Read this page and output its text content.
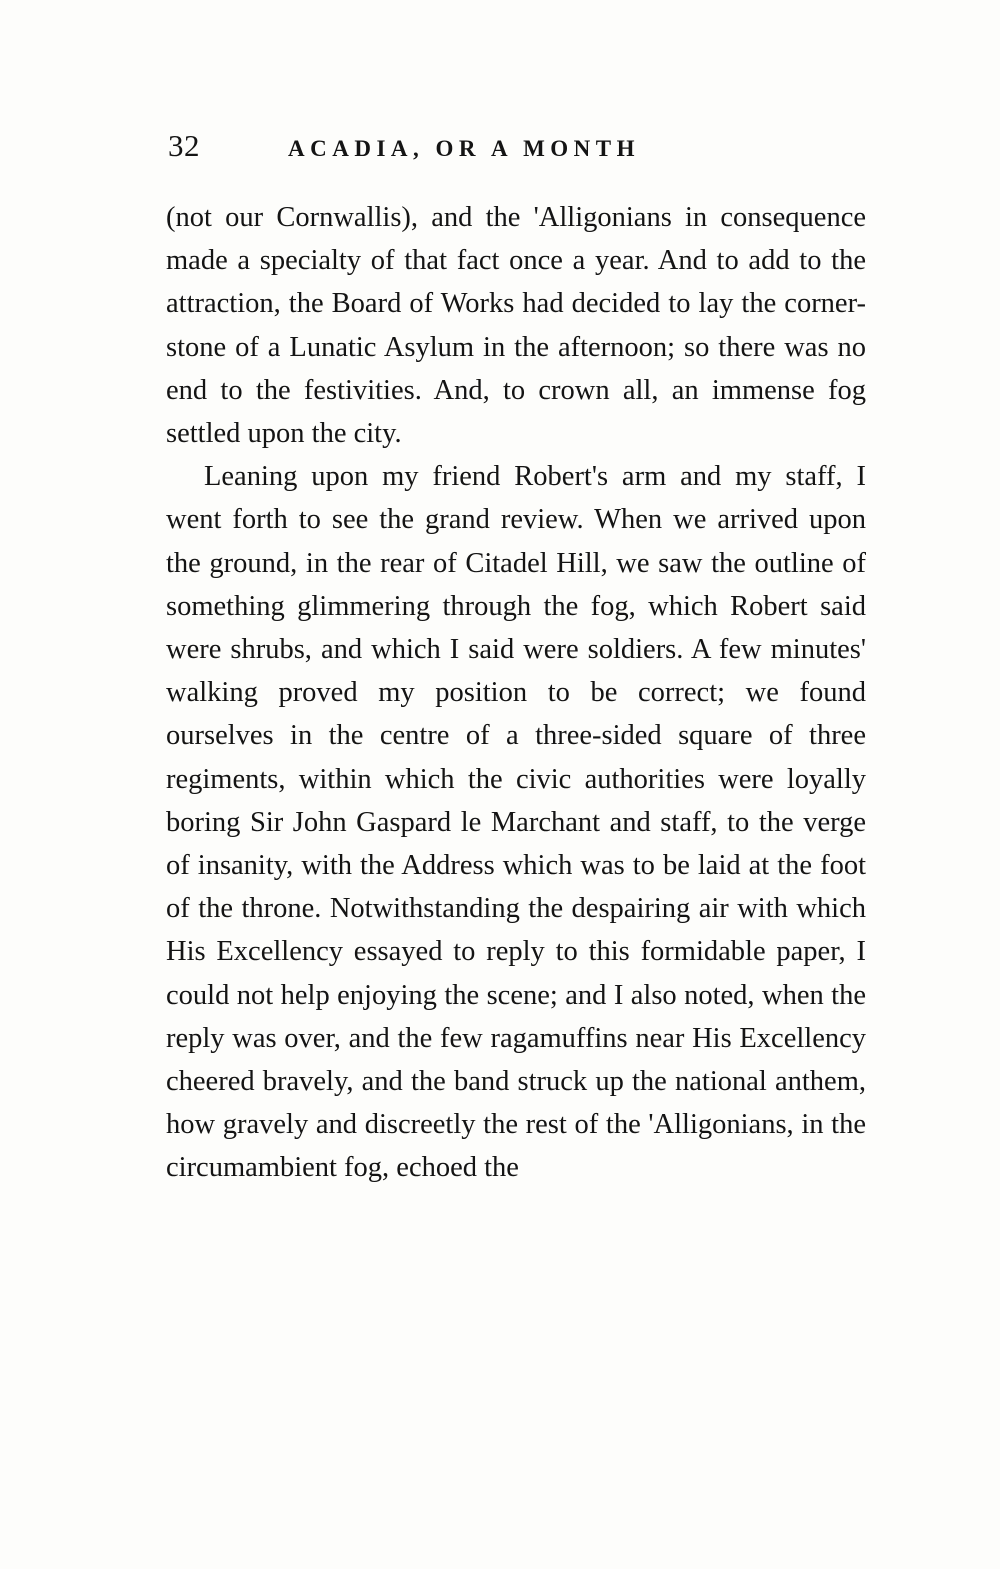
32	ACADIA, OR A MONTH

(not our Cornwallis), and the 'Alligonians in consequence made a specialty of that fact once a year. And to add to the attraction, the Board of Works had decided to lay the corner-stone of a Lunatic Asylum in the afternoon; so there was no end to the festivities. And, to crown all, an immense fog settled upon the city.

Leaning upon my friend Robert's arm and my staff, I went forth to see the grand review. When we arrived upon the ground, in the rear of Citadel Hill, we saw the outline of something glimmering through the fog, which Robert said were shrubs, and which I said were soldiers. A few minutes' walking proved my position to be correct; we found ourselves in the centre of a three-sided square of three regiments, within which the civic authorities were loyally boring Sir John Gaspard le Marchant and staff, to the verge of insanity, with the Address which was to be laid at the foot of the throne. Notwithstanding the despairing air with which His Excellency essayed to reply to this formidable paper, I could not help enjoying the scene; and I also noted, when the reply was over, and the few ragamuffins near His Excellency cheered bravely, and the band struck up the national anthem, how gravely and discreetly the rest of the 'Alligonians, in the circumambient fog, echoed the
